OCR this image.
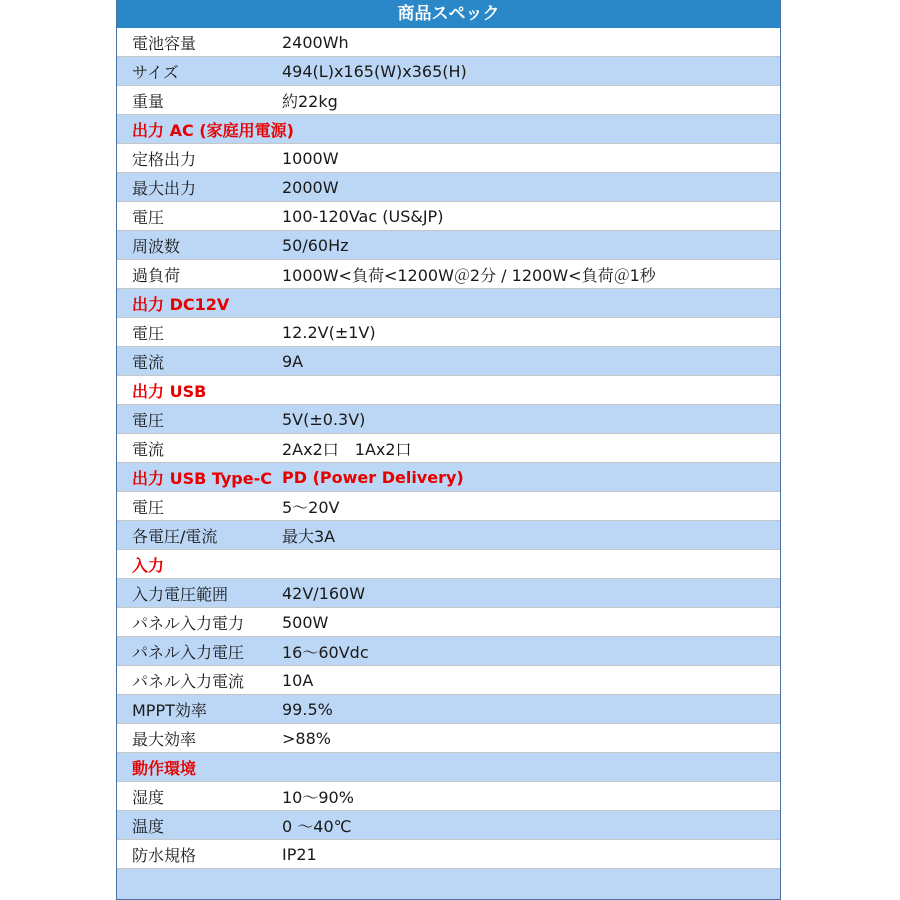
商品スペック
電池容量	2400Wh
サイズ	494(L)x165(W)x365(H)
重量	約22kg
出力 AC (家庭用電源)
定格出力	1000W
最大出力	2000W
電圧	100-120Vac (US&JP)
周波数	50/60Hz
過負荷	1000W<負荷<1200W＠2分 / 1200W<負荷＠1秒
出力 DC12V
電圧	12.2V(±1V)
電流	9A
出力 USB
電圧	5V(±0.3V)
電流	2Ax2口　1Ax2口
出力 USB Type-C PD (Power Delivery)
電圧	5〜20V
各電圧/電流	最大3A
入力
入力電圧範囲	42V/160W
パネル入力電力	500W
パネル入力電圧	16〜60Vdc
パネル入力電流	10A
MPPT効率	99.5%
最大効率	>88%
動作環境
湿度	10〜90%
温度	0 〜40℃
防水規格	IP21
